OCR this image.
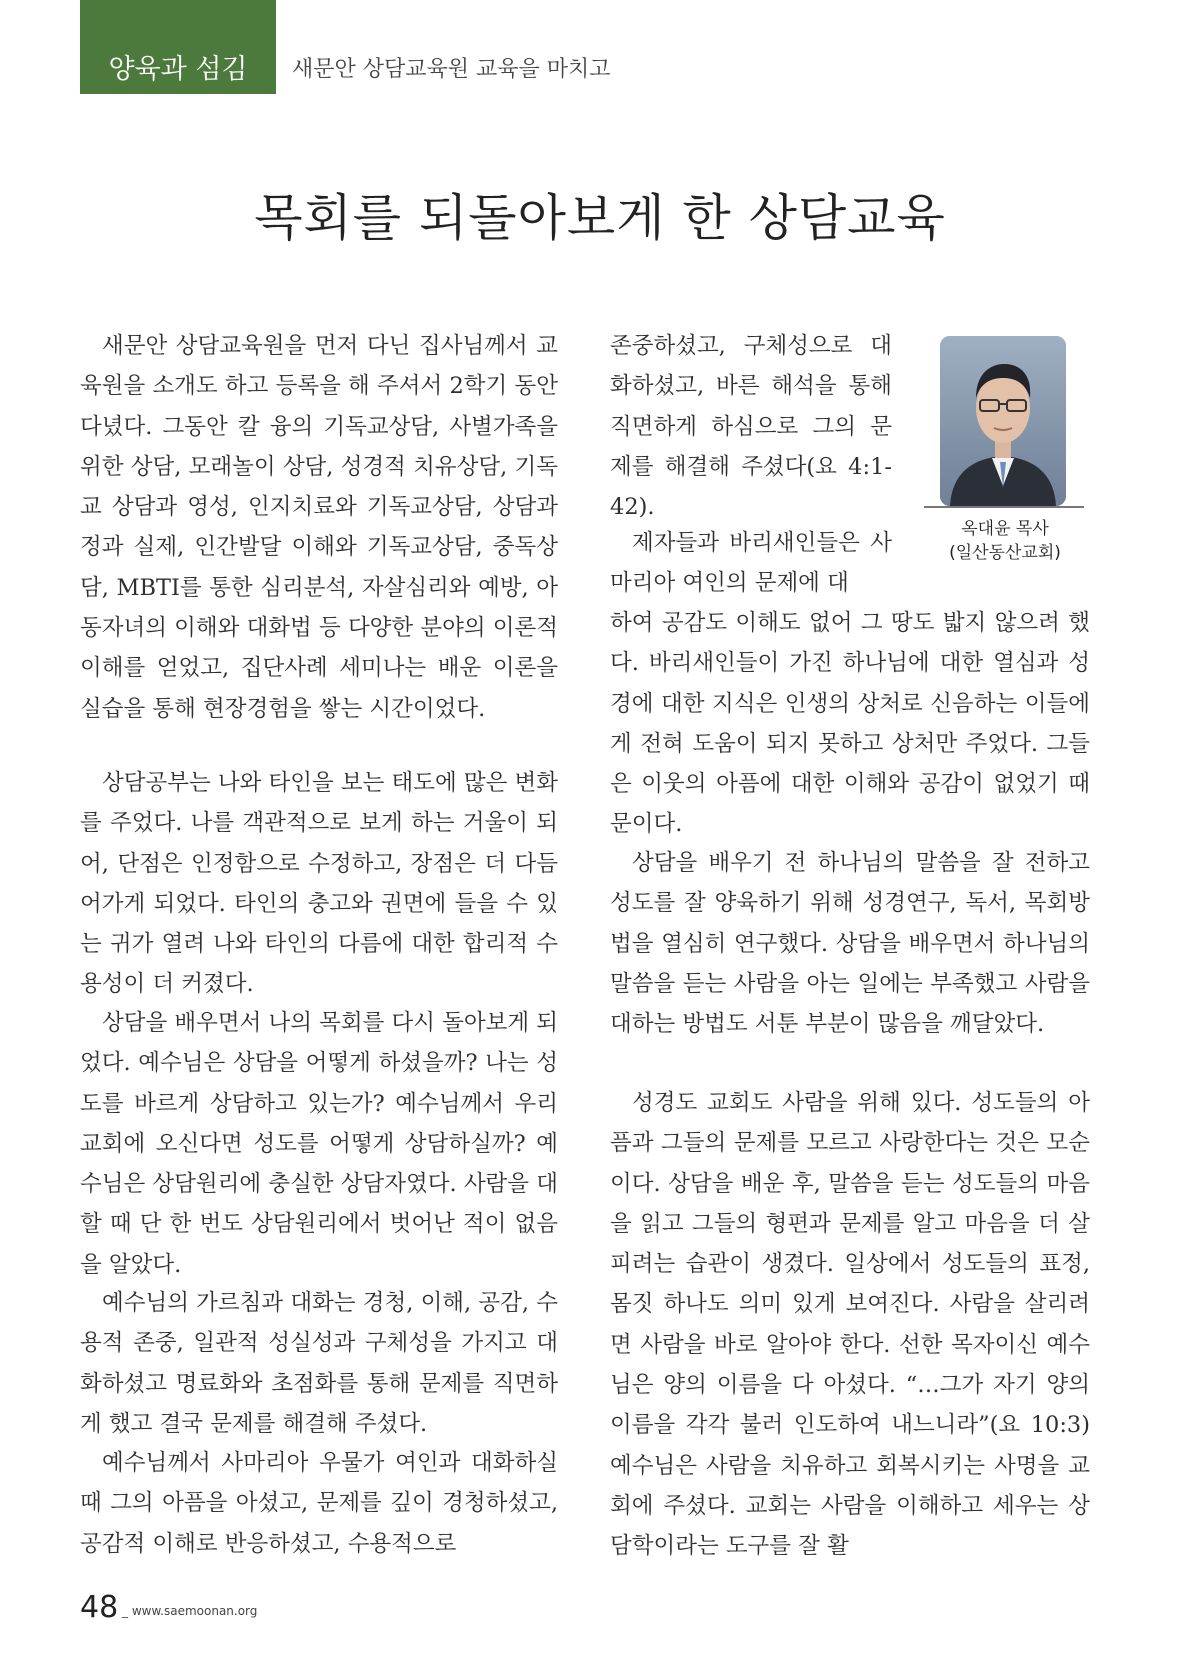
양육과 섬김 새문안 상담교육원 교육을 마치고
목회를 되돌아보게 한 상담교육

새문안 상담교육원을 먼저 다닌 집사님께서 교육원을 소개도 하고 등록을 해 주셔서 2학기 동안 다녔다. 그동안 칼 융의 기독교상담, 사별가족을 위한 상담, 모래놀이 상담, 성경적 치유상담, 기독교 상담과 영성, 인지치료와 기독교상담, 상담과정과 실제, 인간발달 이해와 기독교상담, 중독상담, MBTI를 통한 심리분석, 자살심리와 예방, 아동자녀의 이해와 대화법 등 다양한 분야의 이론적 이해를 얻었고, 집단사례 세미나는 배운 이론을 실습을 통해 현장경험을 쌓는 시간이었다.

상담공부는 나와 타인을 보는 태도에 많은 변화를 주었다. 나를 객관적으로 보게 하는 거울이 되어, 단점은 인정함으로 수정하고, 장점은 더 다듬어가게 되었다. 타인의 충고와 권면에 들을 수 있는 귀가 열려 나와 타인의 다름에 대한 합리적 수용성이 더 커졌다.

상담을 배우면서 나의 목회를 다시 돌아보게 되었다. 예수님은 상담을 어떻게 하셨을까? 나는 성도를 바르게 상담하고 있는가? 예수님께서 우리 교회에 오신다면 성도를 어떻게 상담하실까? 예수님은 상담원리에 충실한 상담자였다. 사람을 대할 때 단 한 번도 상담원리에서 벗어난 적이 없음을 알았다.

예수님의 가르침과 대화는 경청, 이해, 공감, 수용적 존중, 일관적 성실성과 구체성을 가지고 대화하셨고 명료화와 초점화를 통해 문제를 직면하게 했고 결국 문제를 해결해 주셨다.

예수님께서 사마리아 우물가 여인과 대화하실 때 그의 아픔을 아셨고, 문제를 깊이 경청하셨고, 공감적 이해로 반응하셨고, 수용적으로

존중하셨고, 구체성으로 대화하셨고, 바른 해석을 통해 직면하게 하심으로 그의 문제를 해결해 주셨다(요 4:1-42).

제자들과 바리새인들은 사마리아 여인의 문제에 대

하여 공감도 이해도 없어 그 땅도 밟지 않으려 했다. 바리새인들이 가진 하나님에 대한 열심과 성경에 대한 지식은 인생의 상처로 신음하는 이들에게 전혀 도움이 되지 못하고 상처만 주었다. 그들은 이웃의 아픔에 대한 이해와 공감이 없었기 때문이다.

상담을 배우기 전 하나님의 말씀을 잘 전하고 성도를 잘 양육하기 위해 성경연구, 독서, 목회방법을 열심히 연구했다. 상담을 배우면서 하나님의 말씀을 듣는 사람을 아는 일에는 부족했고 사람을 대하는 방법도 서툰 부분이 많음을 깨달았다.

성경도 교회도 사람을 위해 있다. 성도들의 아픔과 그들의 문제를 모르고 사랑한다는 것은 모순이다. 상담을 배운 후, 말씀을 듣는 성도들의 마음을 읽고 그들의 형편과 문제를 알고 마음을 더 살피려는 습관이 생겼다. 일상에서 성도들의 표정, 몸짓 하나도 의미 있게 보여진다. 사람을 살리려면 사람을 바로 알아야 한다. 선한 목자이신 예수님은 양의 이름을 다 아셨다. “…그가 자기 양의 이름을 각각 불러 인도하여 내느니라”(요 10:3) 예수님은 사람을 치유하고 회복시키는 사명을 교회에 주셨다. 교회는 사람을 이해하고 세우는 상담학이라는 도구를 잘 활

옥대윤 목사
(일산동산교회)
48 _ www.saemoonan.org
